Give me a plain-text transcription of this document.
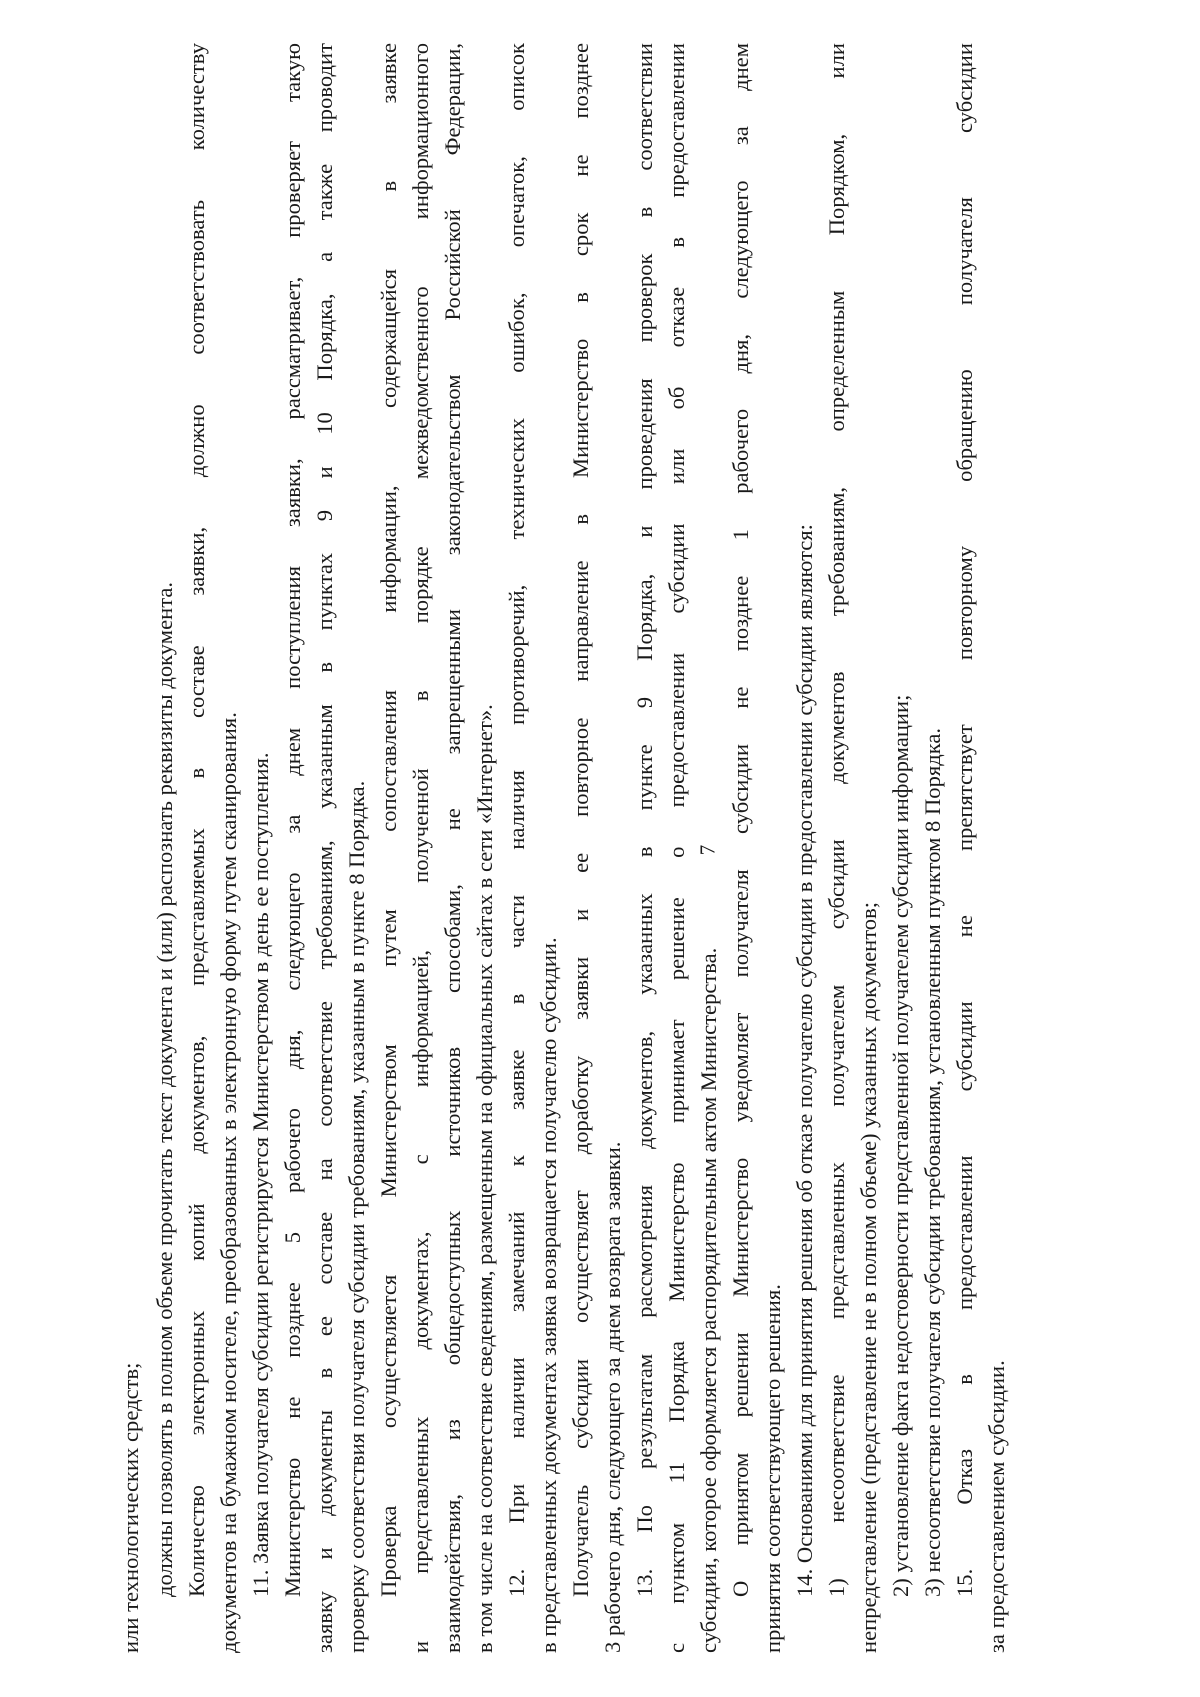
7
или технологических средств; должны позволять в полном объеме прочитать текст документа и (или) распознать реквизиты документа. Количество электронных копий документов, представляемых в составе заявки, должно соответствовать количеству документов на бумажном носителе, преобразованных в электронную форму путем сканирования. 11. Заявка получателя субсидии регистрируется Министерством в день ее поступления. Министерство не позднее 5 рабочего дня, следующего за днем поступления заявки, рассматривает, проверяет такую заявку и документы в ее составе на соответствие требованиям, указанным в пунктах 9 и 10 Порядка, а также проводит проверку соответствия получателя субсидии требованиям, указанным в пункте 8 Порядка. Проверка осуществляется Министерством путем сопоставления информации, содержащейся в заявке и представленных документах, с информацией, полученной в порядке межведомственного информационного взаимодействия, из общедоступных источников способами, не запрещенными законодательством Российской Федерации, в том числе на соответствие сведениям, размещенным на официальных сайтах в сети «Интернет». 12. При наличии замечаний к заявке в части наличия противоречий, технических ошибок, опечаток, описок в представленных документах заявка возвращается получателю субсидии. Получатель субсидии осуществляет доработку заявки и ее повторное направление в Министерство в срок не позднее 3 рабочего дня, следующего за днем возврата заявки. 13. По результатам рассмотрения документов, указанных в пункте 9 Порядка, и проведения проверок в соответствии с пунктом 11 Порядка Министерство принимает решение о предоставлении субсидии или об отказе в предоставлении субсидии, которое оформляется распорядительным актом Министерства. О принятом решении Министерство уведомляет получателя субсидии не позднее 1 рабочего дня, следующего за днем принятия соответствующего решения. 14. Основаниями для принятия решения об отказе получателю субсидии в предоставлении субсидии являются: 1) несоответствие представленных получателем субсидии документов требованиям, определенным Порядком, или непредставление (представление не в полном объеме) указанных документов; 2) установление факта недостоверности представленной получателем субсидии информации; 3) несоответствие получателя субсидии требованиям, установленным пунктом 8 Порядка. 15. Отказ в предоставлении субсидии не препятствует повторному обращению получателя субсидии за предоставлением субсидии.
